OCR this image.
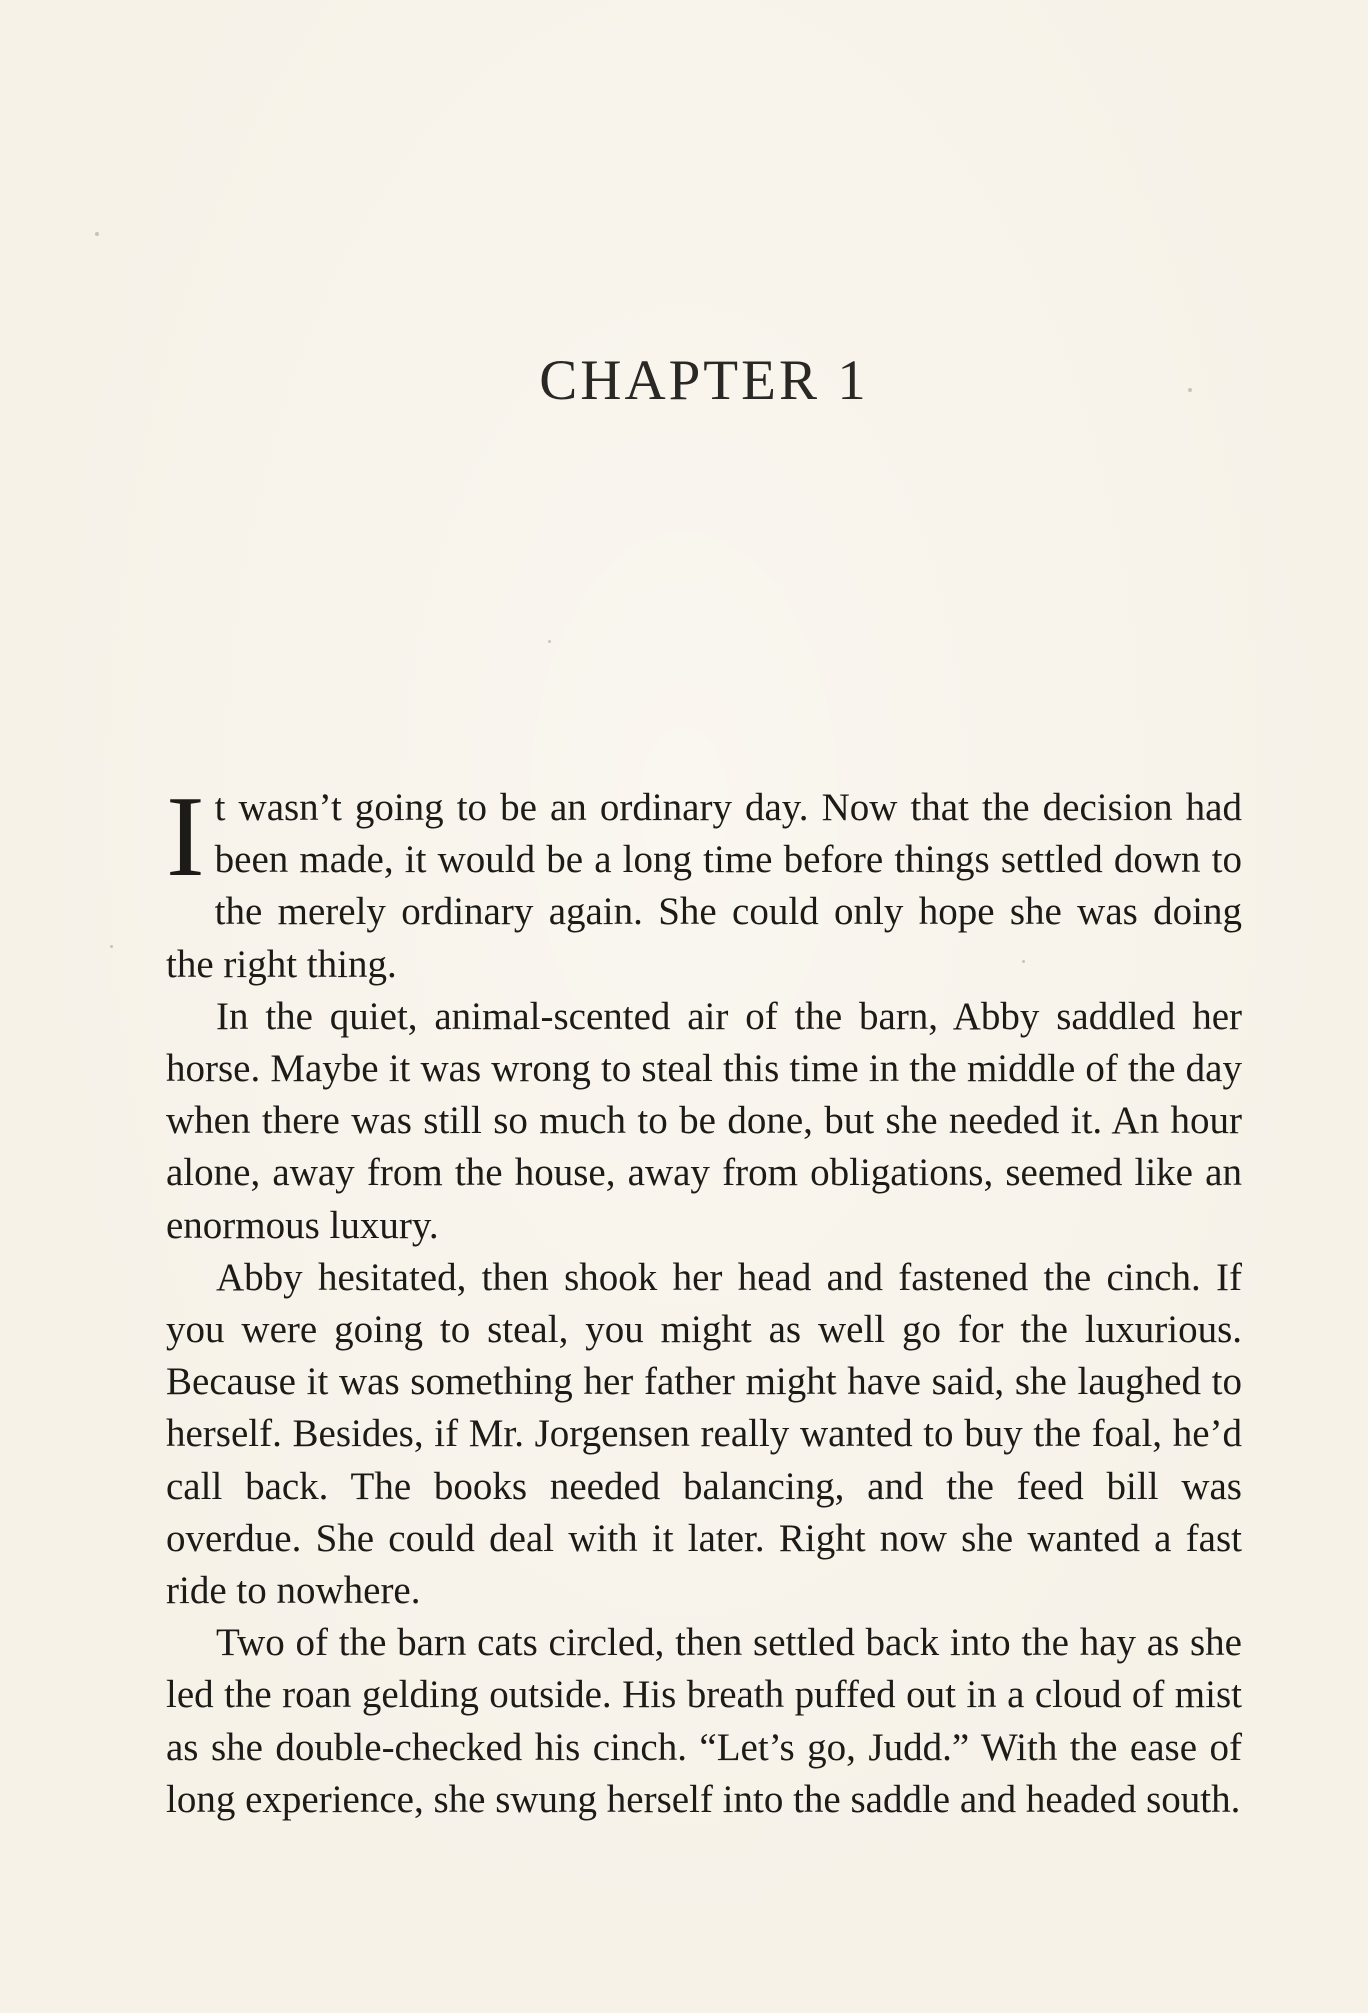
CHAPTER 1

It wasn’t going to be an ordinary day. Now that the decision had been made, it would be a long time before things settled down to the merely ordinary again. She could only hope she was doing the right thing.

In the quiet, animal-scented air of the barn, Abby saddled her horse. Maybe it was wrong to steal this time in the middle of the day when there was still so much to be done, but she needed it. An hour alone, away from the house, away from obligations, seemed like an enormous luxury.

Abby hesitated, then shook her head and fastened the cinch. If you were going to steal, you might as well go for the luxurious. Because it was something her father might have said, she laughed to herself. Besides, if Mr. Jorgensen really wanted to buy the foal, he’d call back. The books needed balancing, and the feed bill was overdue. She could deal with it later. Right now she wanted a fast ride to nowhere.

Two of the barn cats circled, then settled back into the hay as she led the roan gelding outside. His breath puffed out in a cloud of mist as she double-checked his cinch. “Let’s go, Judd.” With the ease of long experience, she swung herself into the saddle and headed south.
